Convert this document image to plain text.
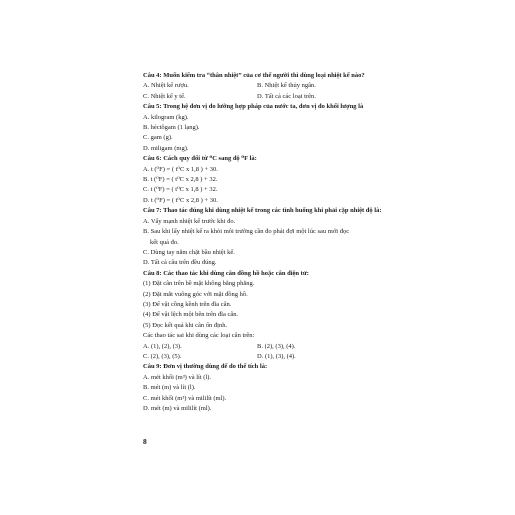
Câu 4: Muốn kiểm tra “thân nhiệt” của cơ thể người thì dùng loại nhiệt kế nào?
A. Nhiệt kế rượu.	B. Nhiệt kế thủy ngân.
C. Nhiệt kế y tế.	D. Tất cả các loại trên.
Câu 5: Trong hệ đơn vị đo lường hợp pháp của nước ta, đơn vị đo khối lượng là
A. kilogram (kg).
B. héctôgam (1 lạng).
C. gam (g).
D. miligam (mg).
Câu 6: Cách quy đổi từ ⁰C sang độ ⁰F là:
A. t (⁰F) = ( t⁰C x 1,8 ) + 30.
B. t (⁰F) = ( t⁰C x 2,8 ) + 32.
C. t (⁰F) = ( t⁰C x 1,8 ) + 32.
D. t (⁰F) = ( t⁰C x 2,8 ) + 30.
Câu 7: Thao tác đúng khi dùng nhiệt kế trong các tình huống khi phải cặp nhiệt độ là:
A. Vẩy mạnh nhiệt kế trước khi đo.
B. Sau khi lấy nhiệt kế ra khỏi môi trường cần đo phải đợi một lúc sau mới đọc
kết quả đo.
C. Dùng tay nắm chặt bầu nhiệt kế.
D. Tất cả câu trên đều đúng.
Câu 8: Các thao tác khi dùng cân đồng hồ hoặc cân điện tử:
(1) Đặt cân trên bề mặt không bằng phẳng.
(2) Đặt mắt vuông góc với mặt đồng hồ.
(3) Để vật cồng kềnh trên đĩa cân.
(4) Để vật lệch một bên trên đĩa cân.
(5) Đọc kết quả khi cân ổn định.
Các thao tác sai khi dùng các loại cân trên:
A. (1), (2), (3).	B. (2), (3), (4).
C. (2), (3), (5).	D. (1), (3), (4).
Câu 9: Đơn vị thường dùng để đo thể tích là:
A. mét khối (m³) và lít (l).
B. mét (m) và lít (l).
C. mét khối (m³) và mililít (ml).
D. mét (m) và mililít (ml).
8
